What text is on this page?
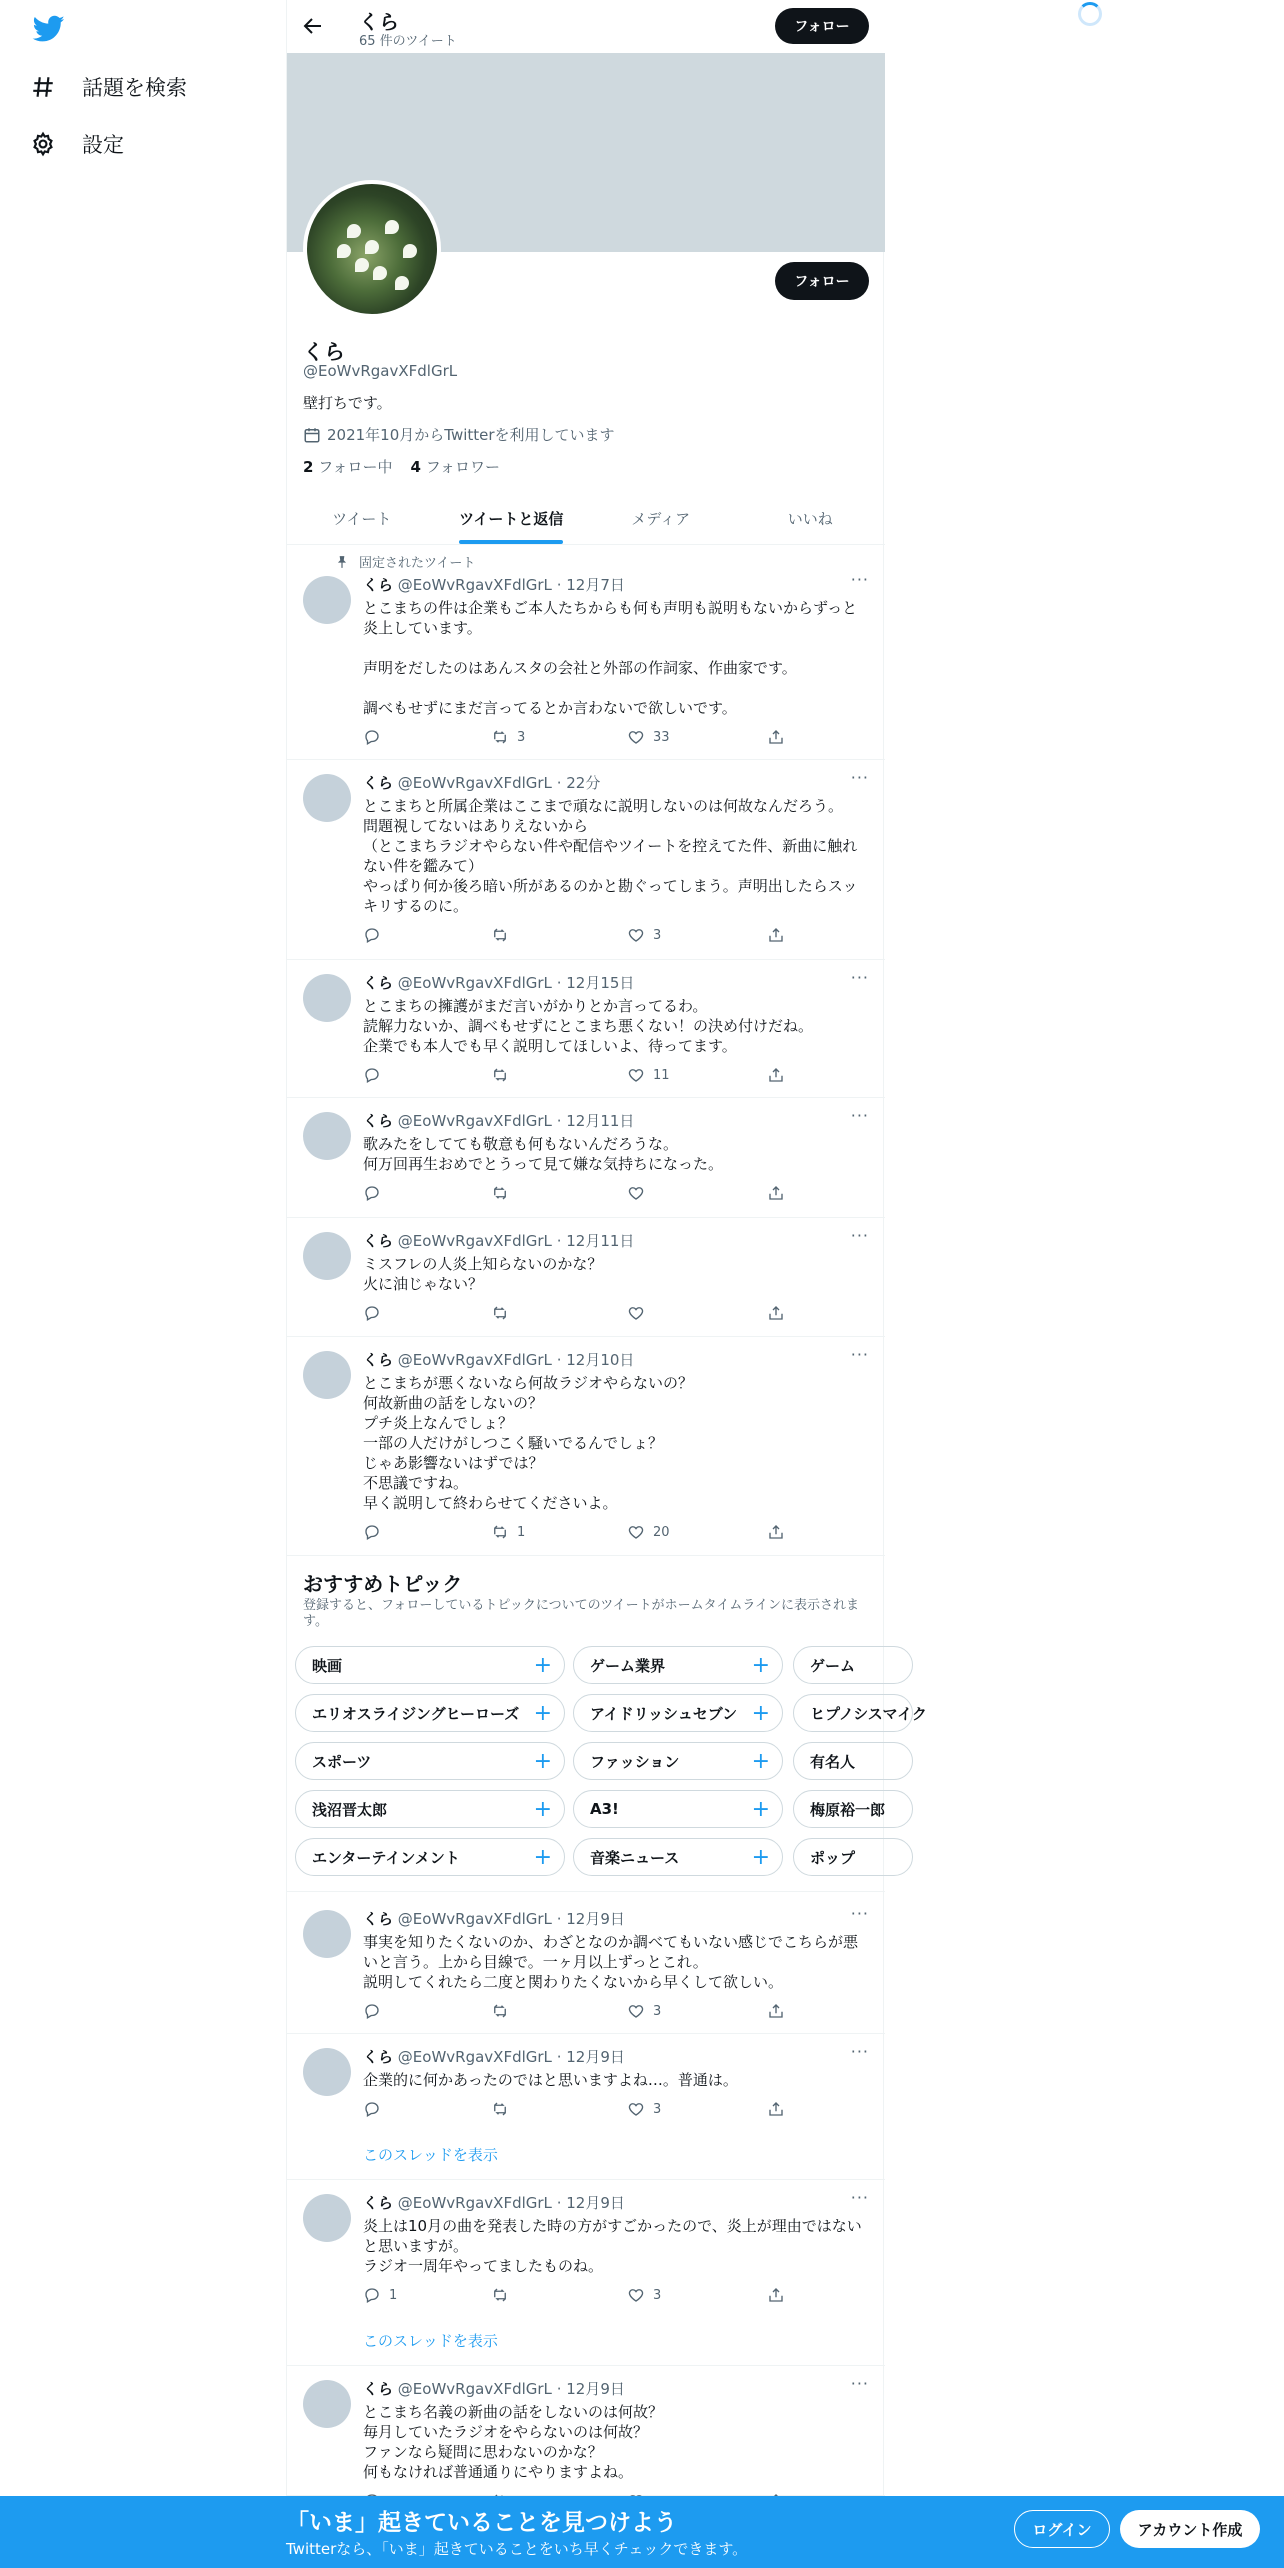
話題を検索
設定
くら
65 件のツイート
フォロー
フォロー
くら
@EoWvRgavXFdlGrL
壁打ちです。
2021年10月からTwitterを利用しています
2 フォロー中 4 フォロワー
ツイート	ツイートと返信	メディア	いいね
固定されたツイート
くら @EoWvRgavXFdlGrL · 12月7日	···
とこまちの件は企業もご本人たちからも何も声明も説明もないからずっと炎上しています。

声明をだしたのはあんスタの会社と外部の作詞家、作曲家です。

調べもせずにまだ言ってるとか言わないで欲しいです。
3	33
くら @EoWvRgavXFdlGrL · 22分	···
とこまちと所属企業はここまで頑なに説明しないのは何故なんだろう。
問題視してないはありえないから
（とこまちラジオやらない件や配信やツイートを控えてた件、新曲に触れない件を鑑みて）
やっぱり何か後ろ暗い所があるのかと勘ぐってしまう。声明出したらスッキリするのに。
3
くら @EoWvRgavXFdlGrL · 12月15日	···
とこまちの擁護がまだ言いがかりとか言ってるわ。
読解力ないか、調べもせずにとこまち悪くない！の決め付けだね。
企業でも本人でも早く説明してほしいよ、待ってます。
11
くら @EoWvRgavXFdlGrL · 12月11日	···
歌みたをしてても敬意も何もないんだろうな。
何万回再生おめでとうって見て嫌な気持ちになった。
くら @EoWvRgavXFdlGrL · 12月11日	···
ミスフレの人炎上知らないのかな？
火に油じゃない？
くら @EoWvRgavXFdlGrL · 12月10日	···
とこまちが悪くないなら何故ラジオやらないの？
何故新曲の話をしないの？
プチ炎上なんでしょ？
一部の人だけがしつこく騒いでるんでしょ？
じゃあ影響ないはずでは？
不思議ですね。
早く説明して終わらせてくださいよ。
1	20
くら @EoWvRgavXFdlGrL · 12月9日	···
事実を知りたくないのか、わざとなのか調べてもいない感じでこちらが悪いと言う。上から目線で。一ヶ月以上ずっとこれ。
説明してくれたら二度と関わりたくないから早くして欲しい。
3
くら @EoWvRgavXFdlGrL · 12月9日	···
企業的に何かあったのではと思いますよね…。普通は。
3
このスレッドを表示
くら @EoWvRgavXFdlGrL · 12月9日	···
炎上は10月の曲を発表した時の方がすごかったので、炎上が理由ではないと思いますが。
ラジオ一周年やってましたものね。
1	3
このスレッドを表示
くら @EoWvRgavXFdlGrL · 12月9日	···
とこまち名義の新曲の話をしないのは何故？
毎月していたラジオをやらないのは何故？
ファンなら疑問に思わないのかな？
何もなければ普通通りにやりますよね。
おすすめトピック
登録すると、フォローしているトピックについてのツイートがホームタイムラインに表示されます。
映画	+	ゲーム業界	+	ゲーム
エリオスライジングヒーローズ +	アイドリッシュセブン +	ヒプノシスマイク
スポーツ	+	ファッション	+	有名人
浅沼晋太郎	+	A3!	+	梅原裕一郎
エンターテインメント	+	音楽ニュース	+	ポップ
「いま」起きていることを見つけよう
Twitterなら、「いま」起きていることをいち早くチェックできます。
ログイン	アカウント作成
